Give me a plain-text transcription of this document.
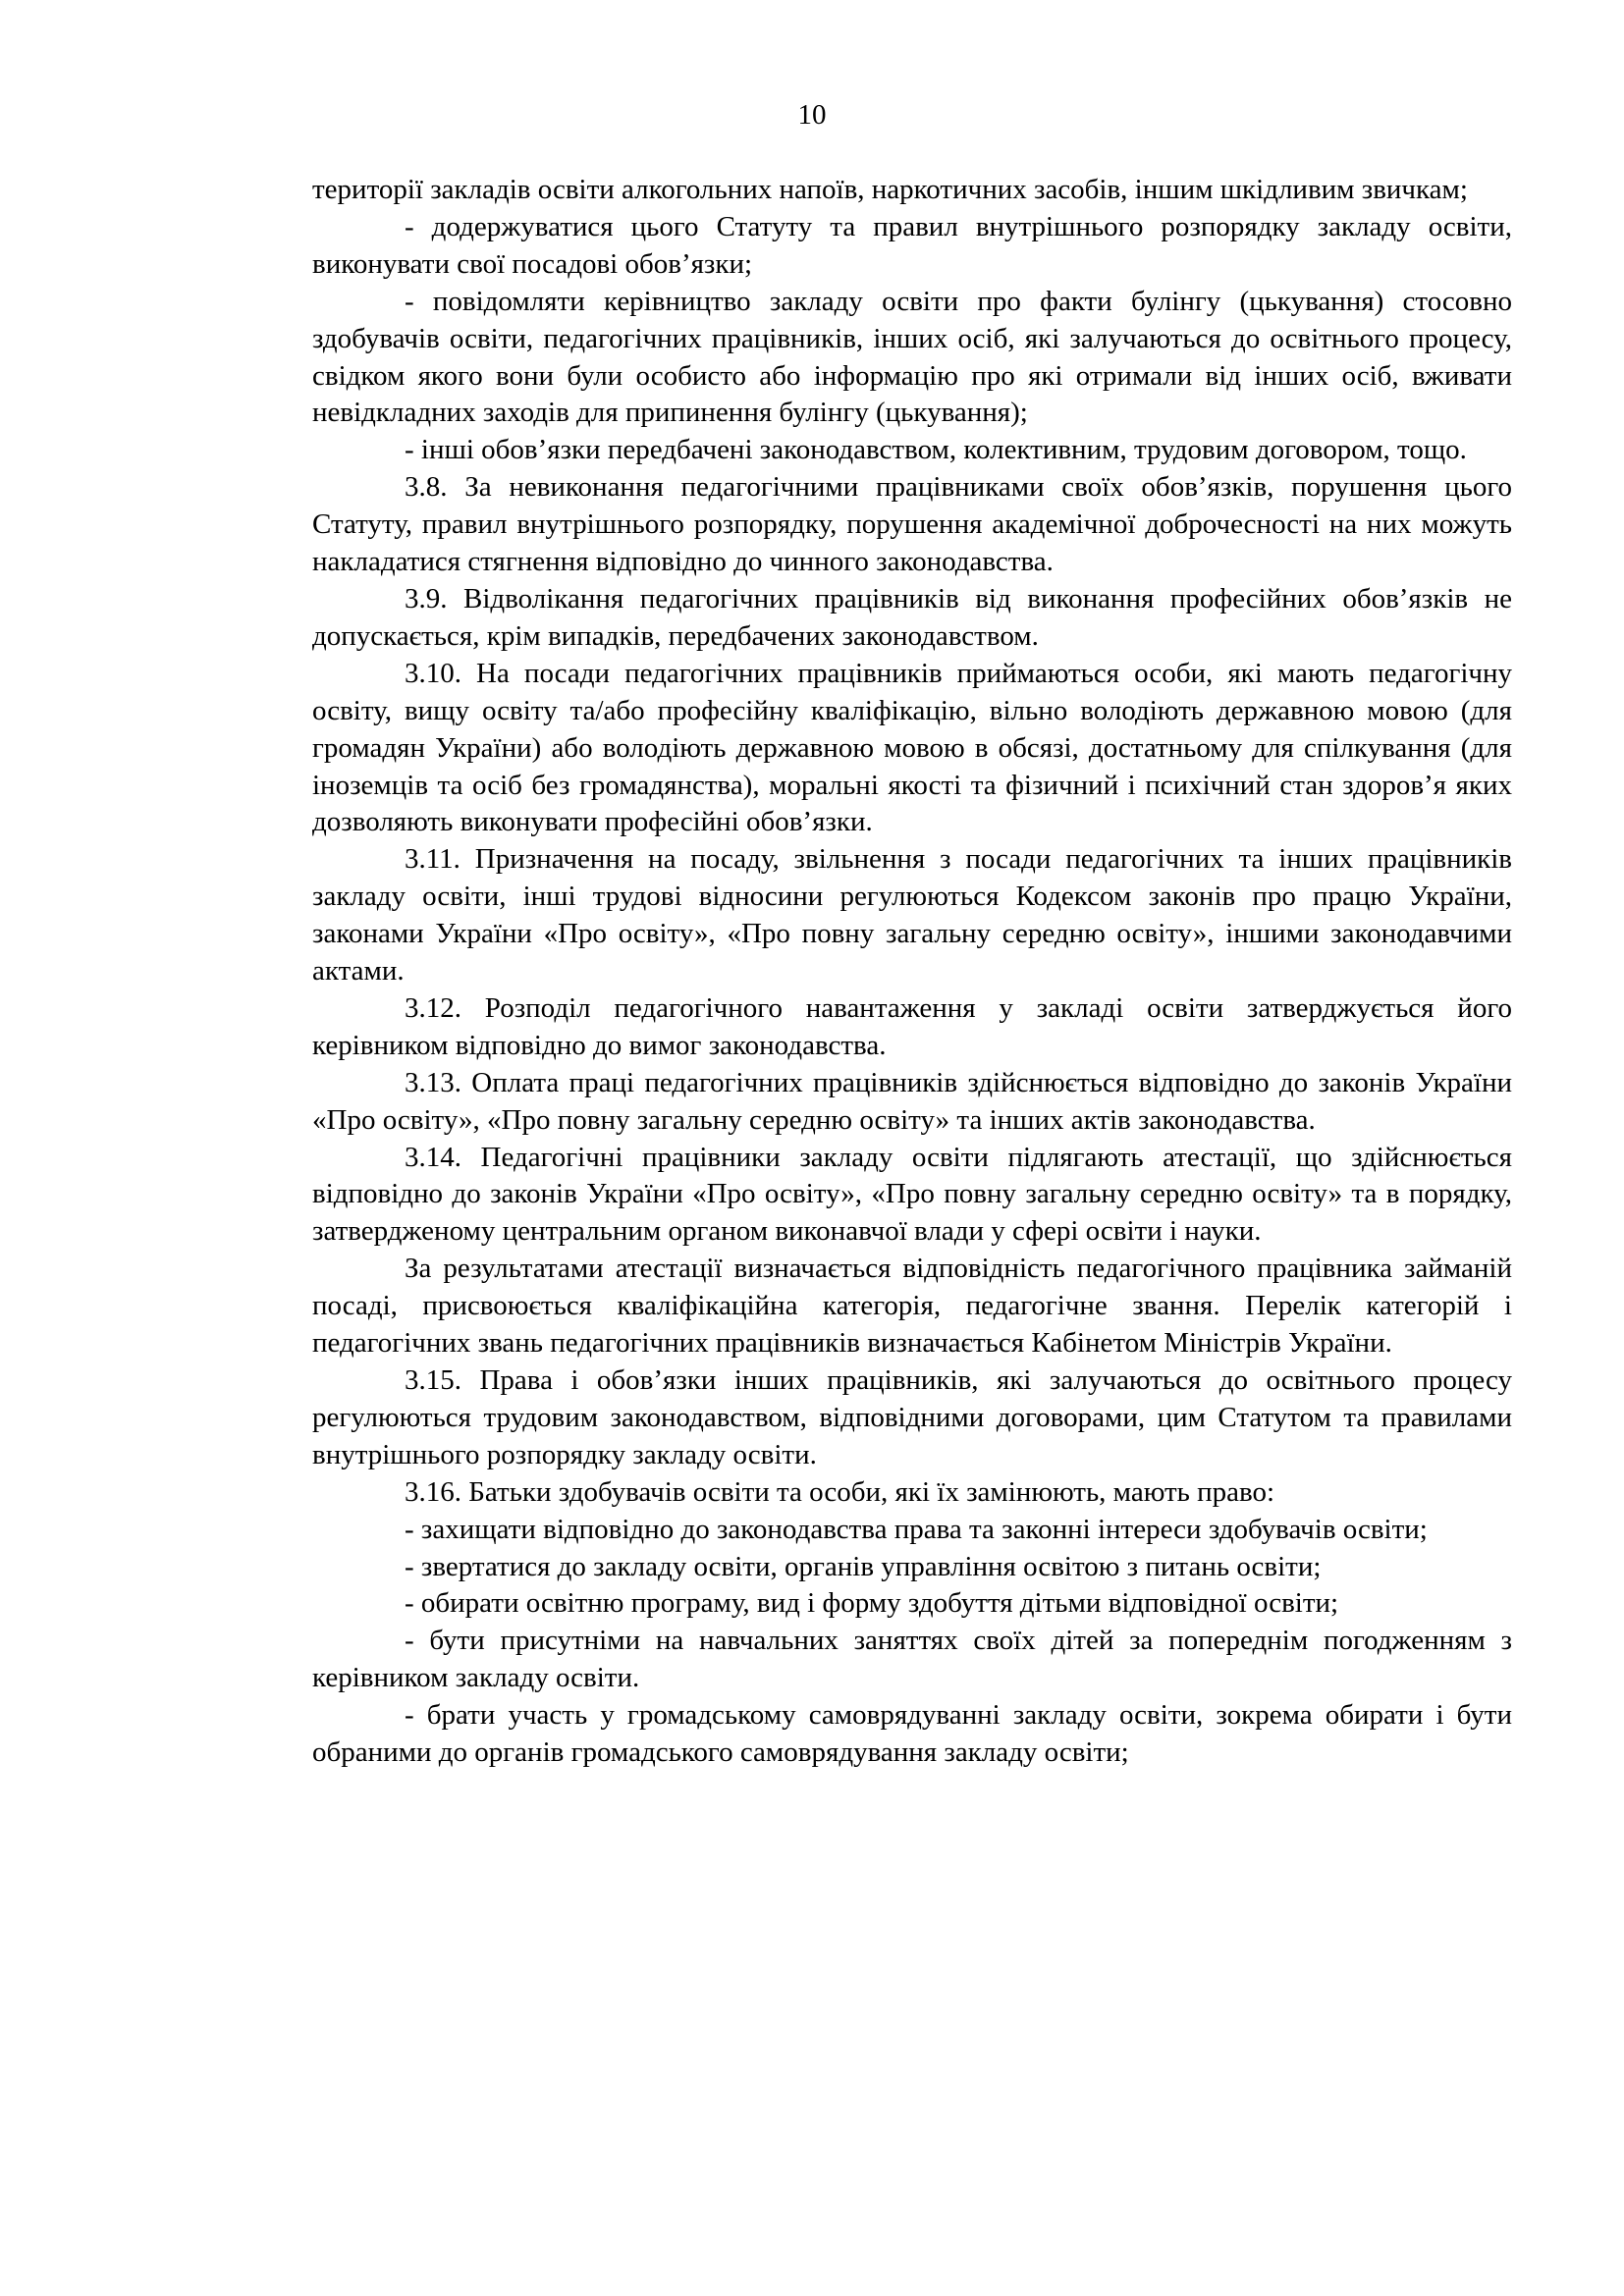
10

території закладів освіти алкогольних напоїв, наркотичних засобів, іншим шкідливим звичкам;

- додержуватися цього Статуту та правил внутрішнього розпорядку закладу освіти, виконувати свої посадові обов’язки;

- повідомляти керівництво закладу освіти про факти булінгу (цькування) стосовно здобувачів освіти, педагогічних працівників, інших осіб, які залучаються до освітнього процесу, свідком якого вони були особисто або інформацію про які отримали від інших осіб, вживати невідкладних заходів для припинення булінгу (цькування);

- інші обов’язки передбачені законодавством, колективним, трудовим договором, тощо.

3.8. За невиконання педагогічними працівниками своїх обов’язків, порушення цього Статуту, правил внутрішнього розпорядку, порушення академічної доброчесності на них можуть накладатися стягнення відповідно до чинного законодавства.

3.9. Відволікання педагогічних працівників від виконання професійних обов’язків не допускається, крім випадків, передбачених законодавством.

3.10. На посади педагогічних працівників приймаються особи, які мають педагогічну освіту, вищу освіту та/або професійну кваліфікацію, вільно володіють державною мовою (для громадян України) або володіють державною мовою в обсязі, достатньому для спілкування (для іноземців та осіб без громадянства), моральні якості та фізичний і психічний стан здоров’я яких дозволяють виконувати професійні обов’язки.

3.11. Призначення на посаду, звільнення з посади педагогічних та інших працівників закладу освіти, інші трудові відносини регулюються Кодексом законів про працю України, законами України «Про освіту», «Про повну загальну середню освіту», іншими законодавчими актами.

3.12. Розподіл педагогічного навантаження у закладі освіти затверджується його керівником відповідно до вимог законодавства.

3.13. Оплата праці педагогічних працівників здійснюється відповідно до законів України «Про освіту», «Про повну загальну середню освіту» та інших актів законодавства.

3.14. Педагогічні працівники закладу освіти підлягають атестації, що здійснюється відповідно до законів України «Про освіту», «Про повну загальну середню освіту» та в порядку, затвердженому центральним органом виконавчої влади у сфері освіти і науки.

За результатами атестації визначається відповідність педагогічного працівника займаній посаді, присвоюється кваліфікаційна категорія, педагогічне звання. Перелік категорій і педагогічних звань педагогічних працівників визначається Кабінетом Міністрів України.

3.15. Права і обов’язки інших працівників, які залучаються до освітнього процесу регулюються трудовим законодавством, відповідними договорами, цим Статутом та правилами внутрішнього розпорядку закладу освіти.

3.16. Батьки здобувачів освіти та особи, які їх замінюють, мають право:

- захищати відповідно до законодавства права та законні інтереси здобувачів освіти;

- звертатися до закладу освіти, органів управління освітою з питань освіти;

- обирати освітню програму, вид і форму здобуття дітьми відповідної освіти;

- бути присутніми на навчальних заняттях своїх дітей за попереднім погодженням з керівником закладу освіти.

- брати участь у громадському самоврядуванні закладу освіти, зокрема обирати і бути обраними до органів громадського самоврядування закладу освіти;
